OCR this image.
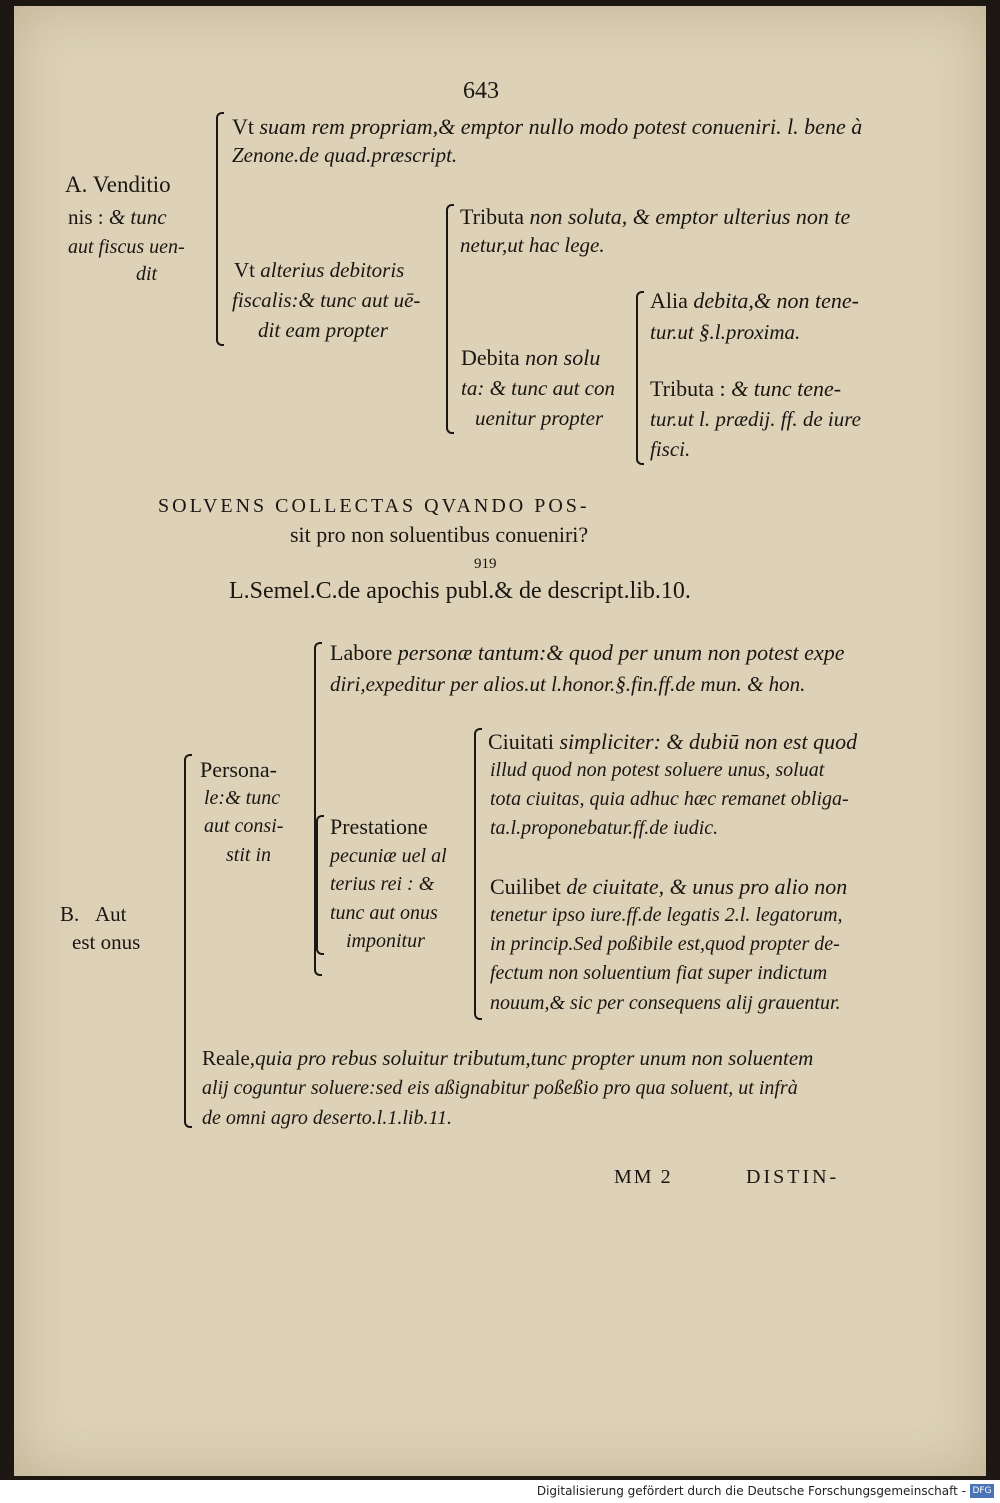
643
A. Venditio
nis : & tunc
aut fiscus uen-
dit
Vt suam rem propriam,& emptor nullo modo potest conueniri. l. bene à
Zenone.de quad.præscript.
Vt alterius debitoris
fiscalis:& tunc aut uē-
dit eam propter
Tributa non soluta, & emptor ulterius non te
netur,ut hac lege.
Debita non solu
ta: & tunc aut con
uenitur propter
Alia debita,& non tene-
tur.ut §.l.proxima.
Tributa : & tunc tene-
tur.ut l. prædij. ff. de iure
fisci.
SOLVENS COLLECTAS QVANDO POS-
sit pro non soluentibus conueniri?
919
L.Semel.C.de apochis publ.& de descript.lib.10.
B. Aut
est onus
Labore personæ tantum:& quod per unum non potest expe
diri,expeditur per alios.ut l.honor.§.fin.ff.de mun. & hon.
Persona-
le:& tunc
aut consi-
stit in
Prestatione
pecuniæ uel al
terius rei : &
tunc aut onus
imponitur
Ciuitati simpliciter: & dubiū non est quod
illud quod non potest soluere unus, soluat
tota ciuitas, quia adhuc hæc remanet obliga-
ta.l.proponebatur.ff.de iudic.
Cuilibet de ciuitate, & unus pro alio non
tenetur ipso iure.ff.de legatis 2.l. legatorum,
in princip.Sed poßibile est,quod propter de-
fectum non soluentium fiat super indictum
nouum,& sic per consequens alij grauentur.
Reale,quia pro rebus soluitur tributum,tunc propter unum non soluentem
alij coguntur soluere:sed eis aßignabitur poßeßio pro qua soluent, ut infrà
de omni agro deserto.l.1.lib.11.
MM 2	DISTIN-
Digitalisierung gefördert durch die Deutsche Forschungsgemeinschaft - DFG
